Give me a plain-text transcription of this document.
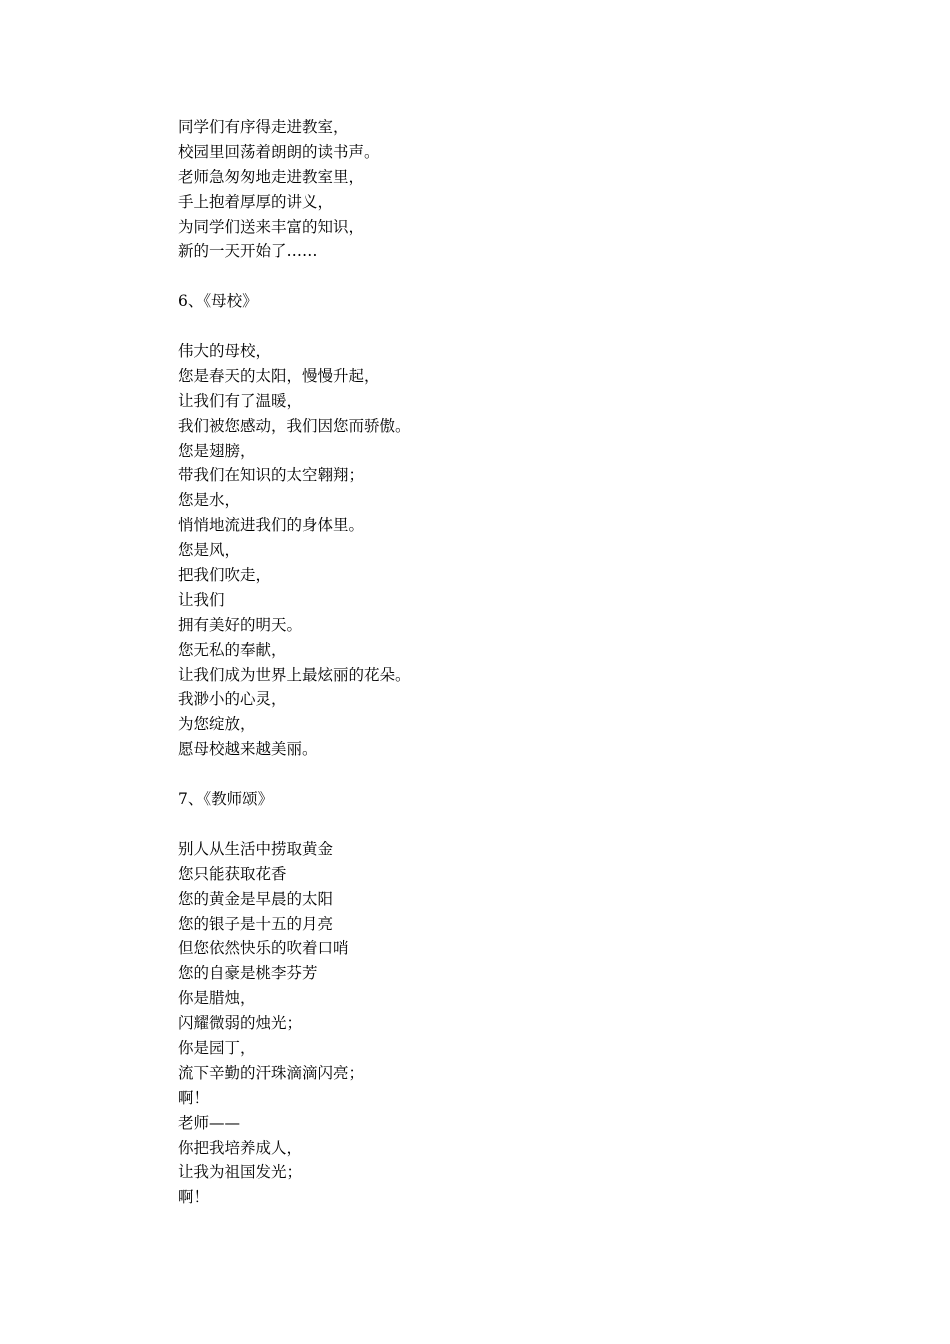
同学们有序得走进教室，
校园里回荡着朗朗的读书声。
老师急匆匆地走进教室里，
手上抱着厚厚的讲义，
为同学们送来丰富的知识，
新的一天开始了……
6、《母校》
伟大的母校，
您是春天的太阳，慢慢升起，
让我们有了温暖，
我们被您感动，我们因您而骄傲。
您是翅膀，
带我们在知识的太空翱翔；
您是水，
悄悄地流进我们的身体里。
您是风，
把我们吹走，
让我们
拥有美好的明天。
您无私的奉献，
让我们成为世界上最炫丽的花朵。
我渺小的心灵，
为您绽放，
愿母校越来越美丽。
7、《教师颂》
别人从生活中捞取黄金
您只能获取花香
您的黄金是早晨的太阳
您的银子是十五的月亮
但您依然快乐的吹着口哨
您的自豪是桃李芬芳
你是腊烛，
闪耀微弱的烛光；
你是园丁，
流下辛勤的汗珠滴滴闪亮；
啊！
老师——
你把我培养成人，
让我为祖国发光；
啊！
